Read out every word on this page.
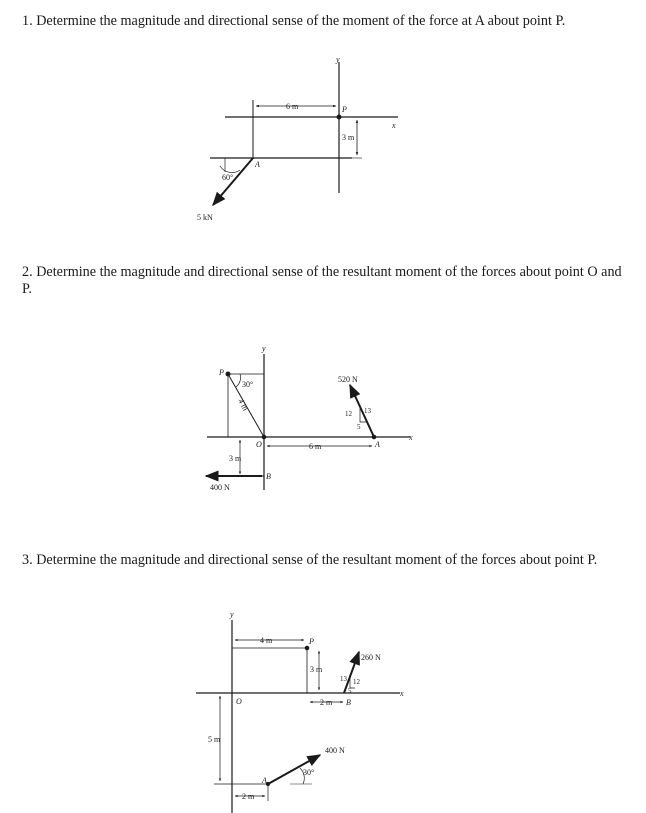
1. Determine the magnitude and directional sense of the moment of the force at A about point P.
2. Determine the magnitude and directional sense of the resultant moment of the forces about point O and P.
3. Determine the magnitude and directional sense of the resultant moment of the forces about point P.
y
x
P
A
6 m
3 m
60°
5 kN
y
x
P
O	A
B
30°
4 m
3 m
6 m
520 N
12 13
5
400 N
y
x
P
O
A
B
4 m
3 m
2 m
5 m
2 m
260 N
13 12
5
400 N
30°
